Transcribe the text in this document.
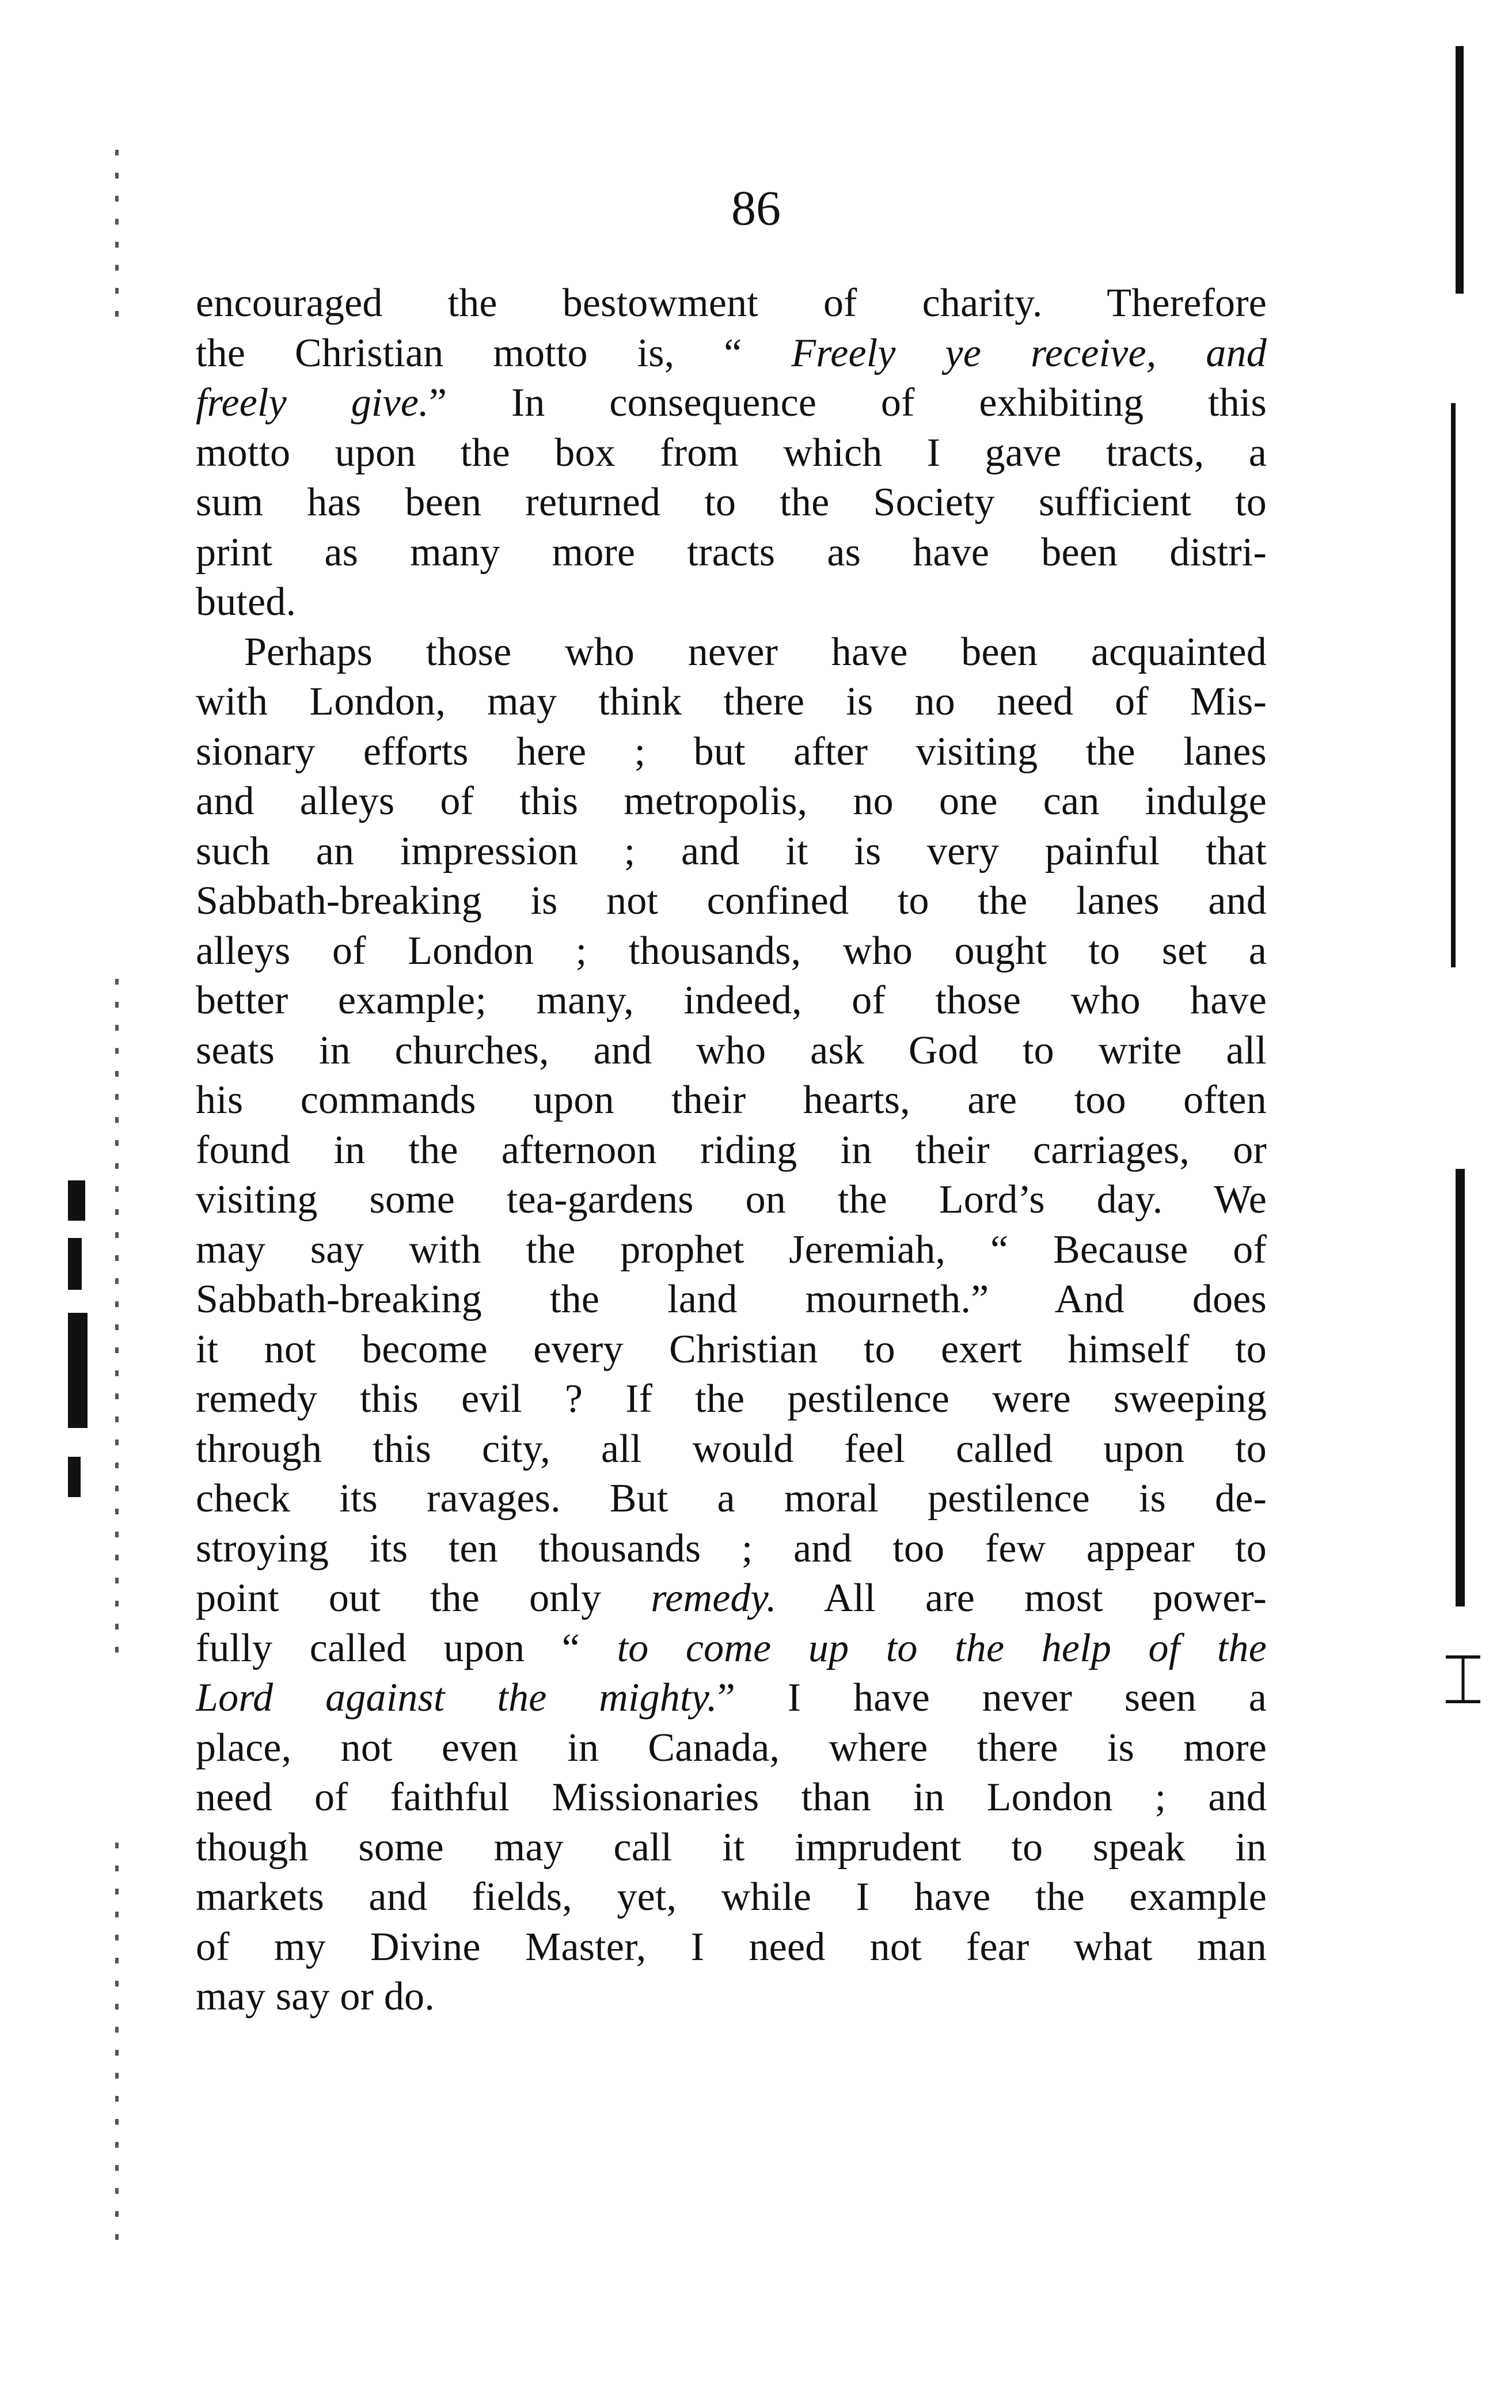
86
encouraged the bestowment of charity. Therefore
the Christian motto is, “ Freely ye receive, and
freely give.” In consequence of exhibiting this
motto upon the box from which I gave tracts, a
sum has been returned to the Society sufficient to
print as many more tracts as have been distri-
buted.
Perhaps those who never have been acquainted
with London, may think there is no need of Mis-
sionary efforts here ; but after visiting the lanes
and alleys of this metropolis, no one can indulge
such an impression ; and it is very painful that
Sabbath-breaking is not confined to the lanes and
alleys of London ; thousands, who ought to set a
better example; many, indeed, of those who have
seats in churches, and who ask God to write all
his commands upon their hearts, are too often
found in the afternoon riding in their carriages, or
visiting some tea-gardens on the Lord’s day. We
may say with the prophet Jeremiah, “ Because of
Sabbath-breaking the land mourneth.” And does
it not become every Christian to exert himself to
remedy this evil ? If the pestilence were sweeping
through this city, all would feel called upon to
check its ravages. But a moral pestilence is de-
stroying its ten thousands ; and too few appear to
point out the only remedy. All are most power-
fully called upon “ to come up to the help of the
Lord against the mighty.” I have never seen a
place, not even in Canada, where there is more
need of faithful Missionaries than in London ; and
though some may call it imprudent to speak in
markets and fields, yet, while I have the example
of my Divine Master, I need not fear what man
may say or do.
⌶
